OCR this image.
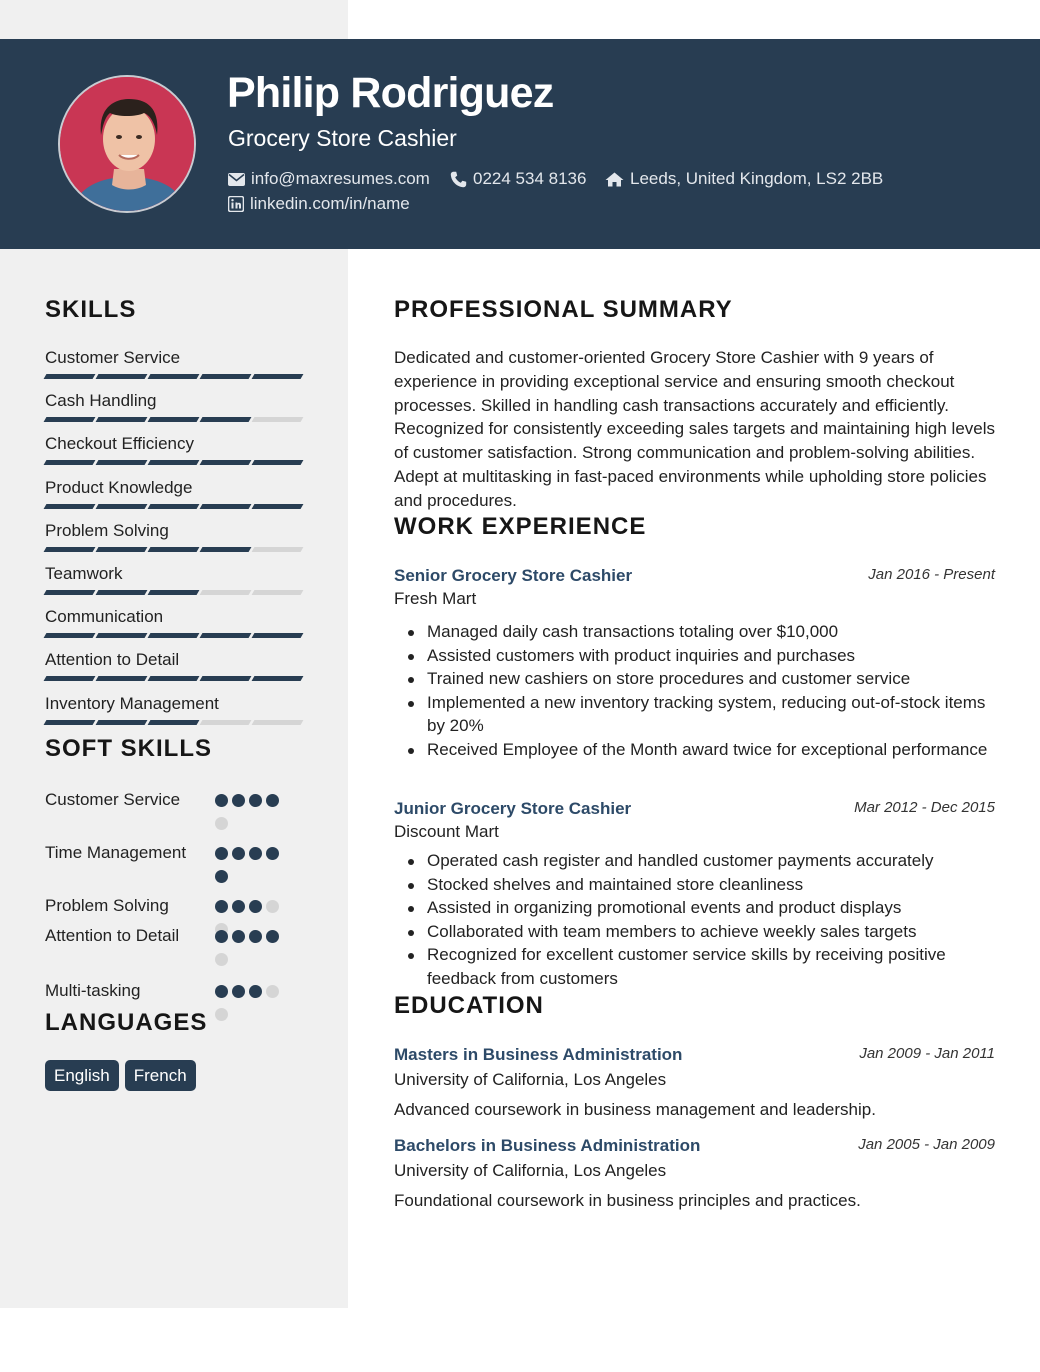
Philip Rodriguez
Grocery Store Cashier
info@maxresumes.com	0224 534 8136	Leeds, United Kingdom, LS2 2BB
linkedin.com/in/name
SKILLS
Customer Service
Cash Handling
Checkout Efficiency
Product Knowledge
Problem Solving
Teamwork
Communication
Attention to Detail
Inventory Management
SOFT SKILLS
Customer Service
Time Management
Problem Solving
Attention to Detail
Multi-tasking
LANGUAGES
English	French
PROFESSIONAL SUMMARY
Dedicated and customer-oriented Grocery Store Cashier with 9 years of experience in providing exceptional service and ensuring smooth checkout processes. Skilled in handling cash transactions accurately and efficiently. Recognized for consistently exceeding sales targets and maintaining high levels of customer satisfaction. Strong communication and problem-solving abilities. Adept at multitasking in fast-paced environments while upholding store policies and procedures.
WORK EXPERIENCE
Senior Grocery Store Cashier	Jan 2016 - Present
Fresh Mart
Managed daily cash transactions totaling over $10,000
Assisted customers with product inquiries and purchases
Trained new cashiers on store procedures and customer service
Implemented a new inventory tracking system, reducing out-of-stock items by 20%
Received Employee of the Month award twice for exceptional performance
Junior Grocery Store Cashier	Mar 2012 - Dec 2015
Discount Mart
Operated cash register and handled customer payments accurately
Stocked shelves and maintained store cleanliness
Assisted in organizing promotional events and product displays
Collaborated with team members to achieve weekly sales targets
Recognized for excellent customer service skills by receiving positive feedback from customers
EDUCATION
Masters in Business Administration	Jan 2009 - Jan 2011
University of California, Los Angeles
Advanced coursework in business management and leadership.
Bachelors in Business Administration	Jan 2005 - Jan 2009
University of California, Los Angeles
Foundational coursework in business principles and practices.
